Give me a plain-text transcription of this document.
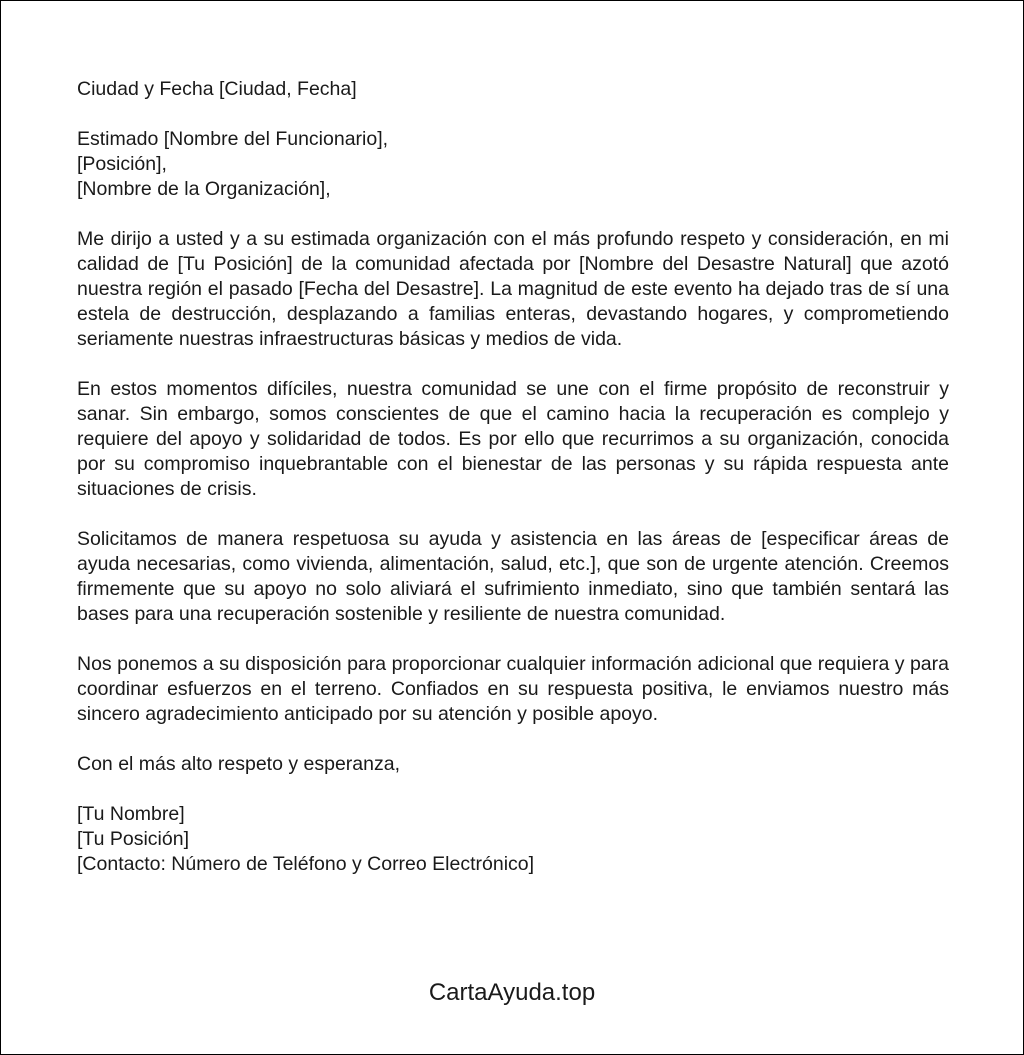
Ciudad y Fecha [Ciudad, Fecha]
Estimado [Nombre del Funcionario],
[Posición],
[Nombre de la Organización],

Me dirijo a usted y a su estimada organización con el más profundo respeto y consideración, en mi calidad de [Tu Posición] de la comunidad afectada por [Nombre del Desastre Natural] que azotó nuestra región el pasado [Fecha del Desastre]. La magnitud de este evento ha dejado tras de sí una estela de destrucción, desplazando a familias enteras, devastando hogares, y comprometiendo seriamente nuestras infraestructuras básicas y medios de vida.

En estos momentos difíciles, nuestra comunidad se une con el firme propósito de reconstruir y sanar. Sin embargo, somos conscientes de que el camino hacia la recuperación es complejo y requiere del apoyo y solidaridad de todos. Es por ello que recurrimos a su organización, conocida por su compromiso inquebrantable con el bienestar de las personas y su rápida respuesta ante situaciones de crisis.

Solicitamos de manera respetuosa su ayuda y asistencia en las áreas de [especificar áreas de ayuda necesarias, como vivienda, alimentación, salud, etc.], que son de urgente atención. Creemos firmemente que su apoyo no solo aliviará el sufrimiento inmediato, sino que también sentará las bases para una recuperación sostenible y resiliente de nuestra comunidad.

Nos ponemos a su disposición para proporcionar cualquier información adicional que requiera y para coordinar esfuerzos en el terreno. Confiados en su respuesta positiva, le enviamos nuestro más sincero agradecimiento anticipado por su atención y posible apoyo.

Con el más alto respeto y esperanza,
[Tu Nombre]
[Tu Posición]
[Contacto: Número de Teléfono y Correo Electrónico]
CartaAyuda.top
